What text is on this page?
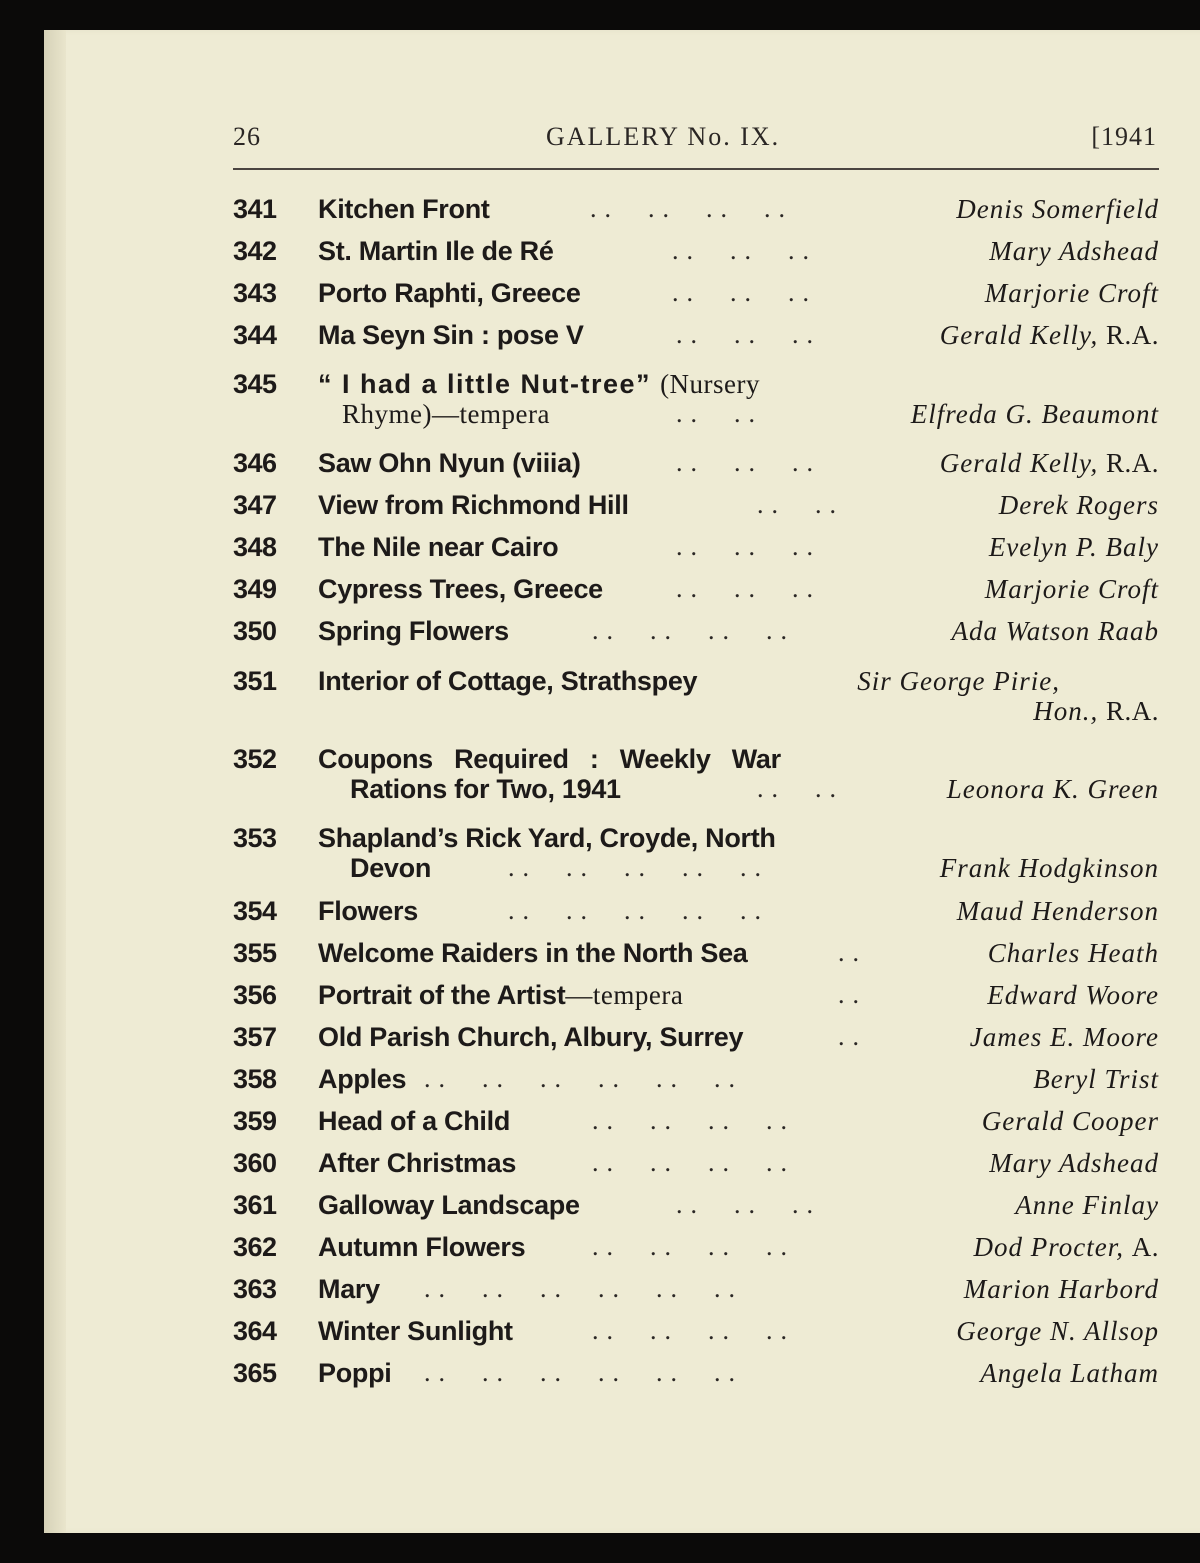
26	GALLERY No. IX.	[1941
341 Kitchen Front	.. .. .. ..	Denis Somerfield
342 St. Martin Ile de Ré	.. .. ..	Mary Adshead
343 Porto Raphti, Greece	.. .. ..	Marjorie Croft
344 Ma Seyn Sin : pose V	.. .. ..	Gerald Kelly, R.A.
345 “ I had a little Nut-tree” (Nursery
Rhyme)—tempera	.. ..	Elfreda G. Beaumont
346 Saw Ohn Nyun (viiia)	.. .. ..	Gerald Kelly, R.A.
347 View from Richmond Hill	.. ..	Derek Rogers
348 The Nile near Cairo	.. .. ..	Evelyn P. Baly
349 Cypress Trees, Greece	.. .. ..	Marjorie Croft
350 Spring Flowers	.. .. .. ..	Ada Watson Raab
351 Interior of Cottage, Strathspey	Sir George Pirie,
Hon., R.A.
352 Coupons Required : Weekly War
Rations for Two, 1941	.. ..	Leonora K. Green
353 Shapland’s Rick Yard, Croyde, North
Devon	.. .. .. .. ..	Frank Hodgkinson
354 Flowers	.. .. .. .. ..	Maud Henderson
355 Welcome Raiders in the North Sea	..	Charles Heath
356 Portrait of the Artist—tempera	..	Edward Woore
357 Old Parish Church, Albury, Surrey	..	James E. Moore
358 Apples .. .. .. .. .. ..	Beryl Trist
359 Head of a Child	.. .. .. ..	Gerald Cooper
360 After Christmas	.. .. .. ..	Mary Adshead
361 Galloway Landscape	.. .. ..	Anne Finlay
362 Autumn Flowers	.. .. .. ..	Dod Procter, A.
363 Mary .. .. .. .. .. ..	Marion Harbord
364 Winter Sunlight	.. .. .. ..	George N. Allsop
365 Poppi .. .. .. .. .. ..	Angela Latham
